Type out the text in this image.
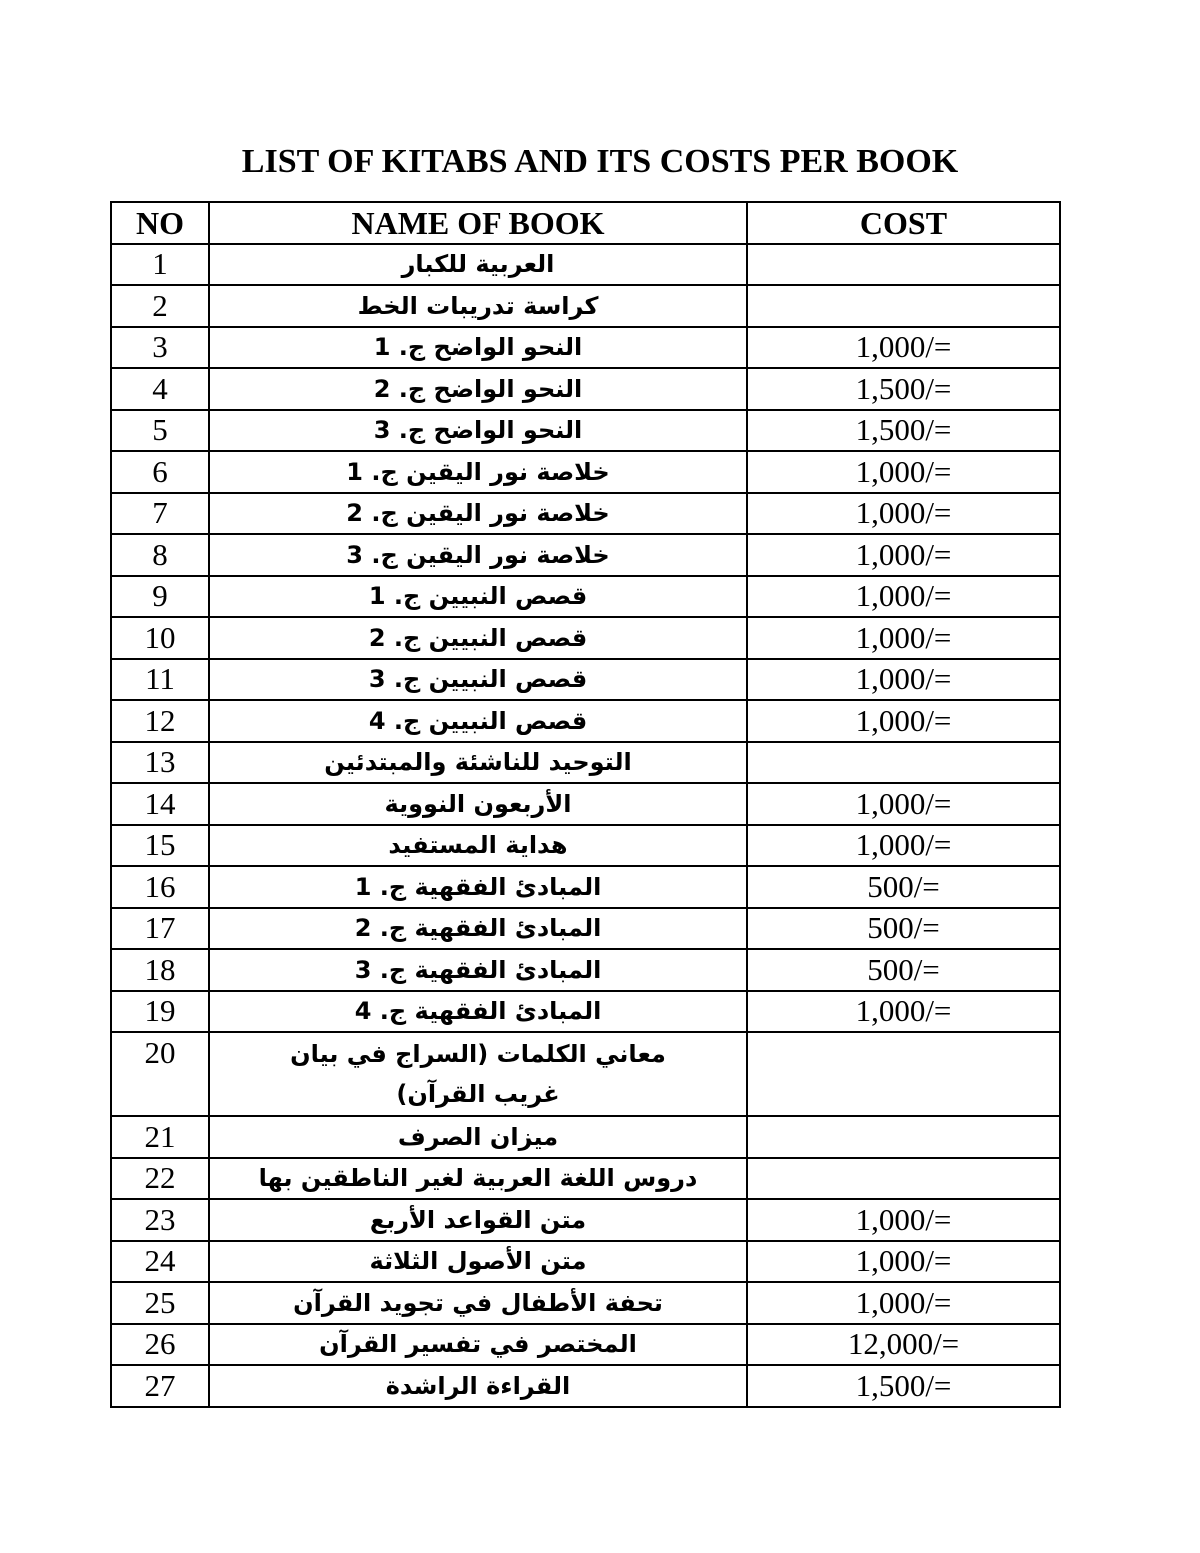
LIST OF KITABS AND ITS COSTS PER BOOK
NO	NAME OF BOOK	COST
1	العربية للكبار	
2	كراسة تدريبات الخط	
3	النحو الواضح ج. 1	1,000/=
4	النحو الواضح ج. 2	1,500/=
5	النحو الواضح ج. 3	1,500/=
6	خلاصة نور اليقين ج. 1	1,000/=
7	خلاصة نور اليقين ج. 2	1,000/=
8	خلاصة نور اليقين ج. 3	1,000/=
9	قصص النبيين ج. 1	1,000/=
10	قصص النبيين ج. 2	1,000/=
11	قصص النبيين ج. 3	1,000/=
12	قصص النبيين ج. 4	1,000/=
13	التوحيد للناشئة والمبتدئين	
14	الأربعون النووية	1,000/=
15	هداية المستفيد	1,000/=
16	المبادئ الفقهية ج. 1	500/=
17	المبادئ الفقهية ج. 2	500/=
18	المبادئ الفقهية ج. 3	500/=
19	المبادئ الفقهية ج. 4	1,000/=
20	معاني الكلمات (السراج في بيان غريب القرآن)	
21	ميزان الصرف	
22	دروس اللغة العربية لغير الناطقين بها	
23	متن القواعد الأربع	1,000/=
24	متن الأصول الثلاثة	1,000/=
25	تحفة الأطفال في تجويد القرآن	1,000/=
26	المختصر في تفسير القرآن	12,000/=
27	القراءة الراشدة	1,500/=
